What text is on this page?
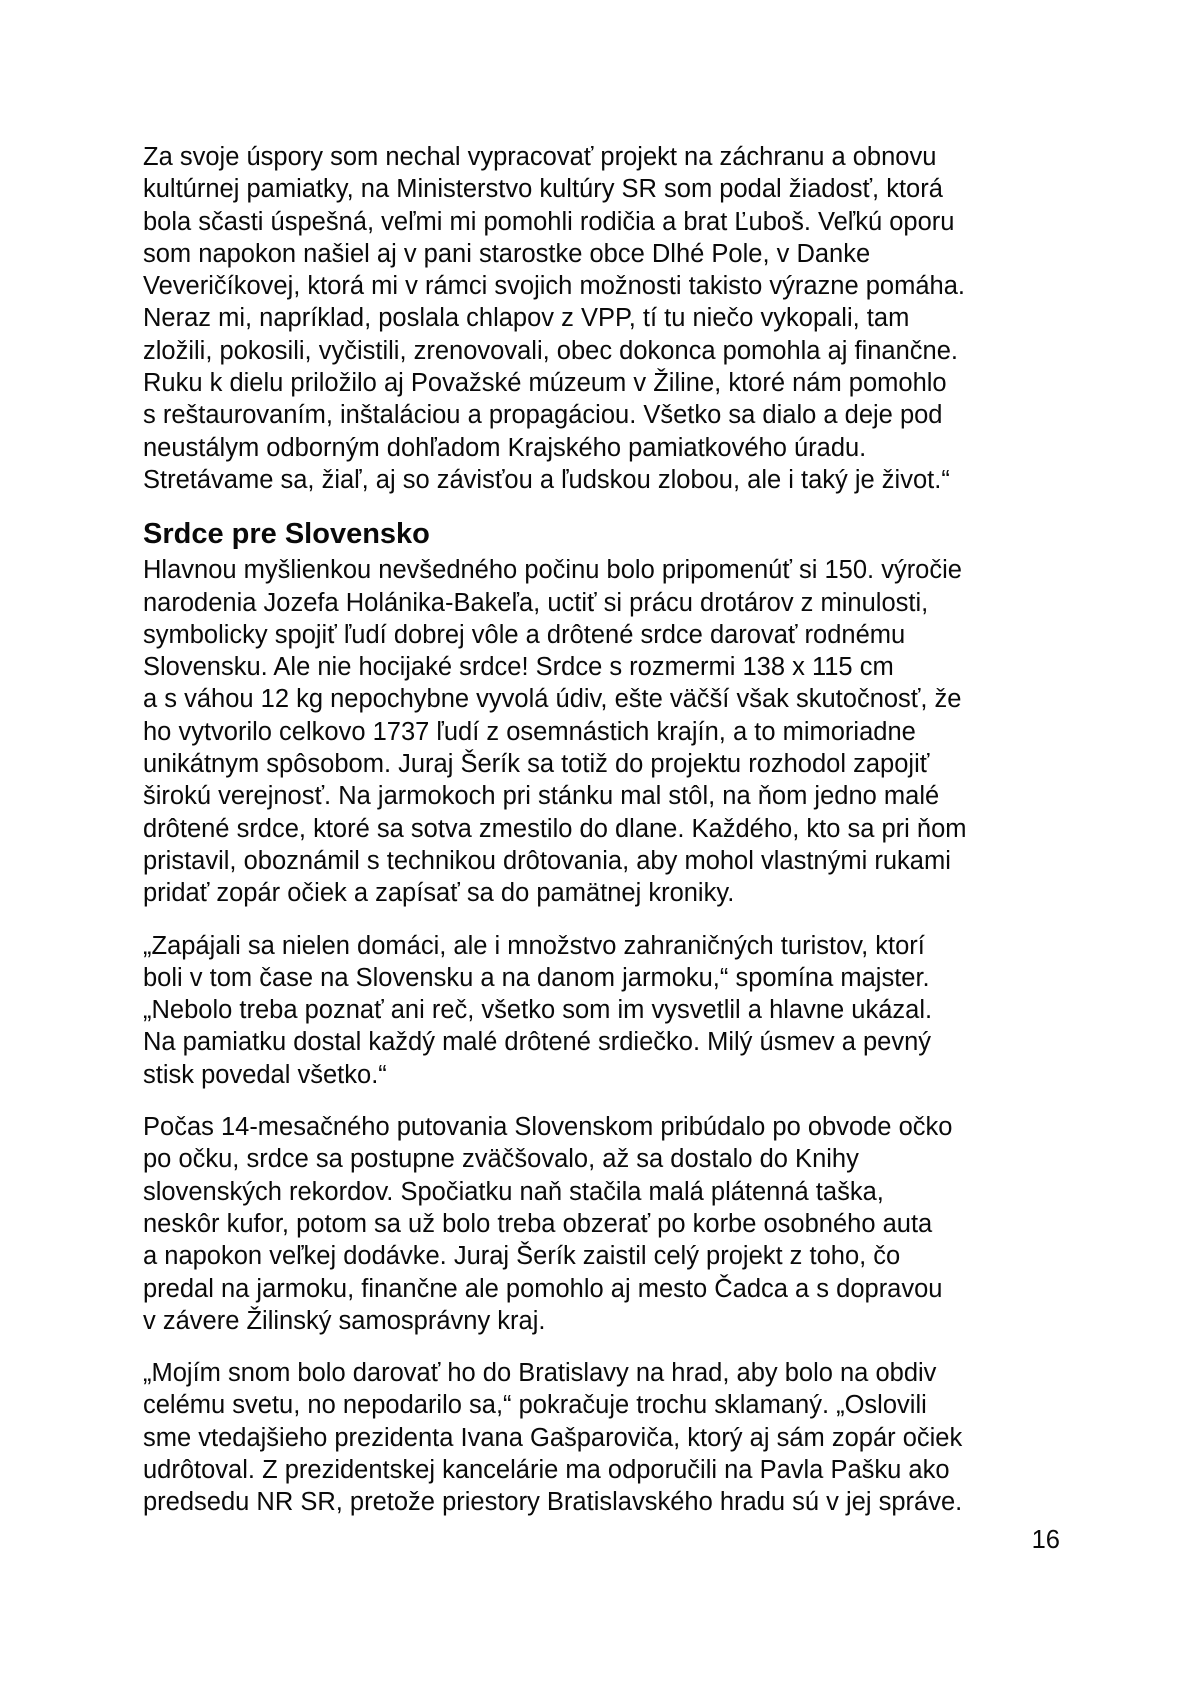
Za svoje úspory som nechal vypracovať projekt na záchranu a obnovu
kultúrnej pamiatky, na Ministerstvo kultúry SR som podal žiadosť, ktorá
bola sčasti úspešná, veľmi mi pomohli rodičia a brat Ľuboš. Veľkú oporu
som napokon našiel aj v pani starostke obce Dlhé Pole, v Danke
Veveričíkovej, ktorá mi v rámci svojich možnosti takisto výrazne pomáha.
Neraz mi, napríklad, poslala chlapov z VPP, tí tu niečo vykopali, tam
zložili, pokosili, vyčistili, zrenovovali, obec dokonca pomohla aj finančne.
Ruku k dielu priložilo aj Považské múzeum v Žiline, ktoré nám pomohlo
s reštaurovaním, inštaláciou a propagáciou. Všetko sa dialo a deje pod
neustálym odborným dohľadom Krajského pamiatkového úradu.
Stretávame sa, žiaľ, aj so závisťou a ľudskou zlobou, ale i taký je život.“
Srdce pre Slovensko
Hlavnou myšlienkou nevšedného počinu bolo pripomenúť si 150. výročie
narodenia Jozefa Holánika-Bakeľa, uctiť si prácu drotárov z minulosti,
symbolicky spojiť ľudí dobrej vôle a drôtené srdce darovať rodnému
Slovensku. Ale nie hocijaké srdce! Srdce s rozmermi 138 x 115 cm
a s váhou 12 kg nepochybne vyvolá údiv, ešte väčší však skutočnosť, že
ho vytvorilo celkovo 1737 ľudí z osemnástich krajín, a to mimoriadne
unikátnym spôsobom. Juraj Šerík sa totiž do projektu rozhodol zapojiť
širokú verejnosť. Na jarmokoch pri stánku mal stôl, na ňom jedno malé
drôtené srdce, ktoré sa sotva zmestilo do dlane. Každého, kto sa pri ňom
pristavil, oboznámil s technikou drôtovania, aby mohol vlastnými rukami
pridať zopár očiek a zapísať sa do pamätnej kroniky.
„Zapájali sa nielen domáci, ale i množstvo zahraničných turistov, ktorí
boli v tom čase na Slovensku a na danom jarmoku,“ spomína majster.
„Nebolo treba poznať ani reč, všetko som im vysvetlil a hlavne ukázal.
Na pamiatku dostal každý malé drôtené srdiečko. Milý úsmev a pevný
stisk povedal všetko.“
Počas 14-mesačného putovania Slovenskom pribúdalo po obvode očko
po očku, srdce sa postupne zväčšovalo, až sa dostalo do Knihy
slovenských rekordov. Spočiatku naň stačila malá plátenná taška,
neskôr kufor, potom sa už bolo treba obzerať po korbe osobného auta
a napokon veľkej dodávke. Juraj Šerík zaistil celý projekt z toho, čo
predal na jarmoku, finančne ale pomohlo aj mesto Čadca a s dopravou
v závere Žilinský samosprávny kraj.
„Mojím snom bolo darovať ho do Bratislavy na hrad, aby bolo na obdiv
celému svetu, no nepodarilo sa,“ pokračuje trochu sklamaný. „Oslovili
sme vtedajšieho prezidenta Ivana Gašparoviča, ktorý aj sám zopár očiek
udrôtoval. Z prezidentskej kancelárie ma odporučili na Pavla Pašku ako
predsedu NR SR, pretože priestory Bratislavského hradu sú v jej správe.
16
